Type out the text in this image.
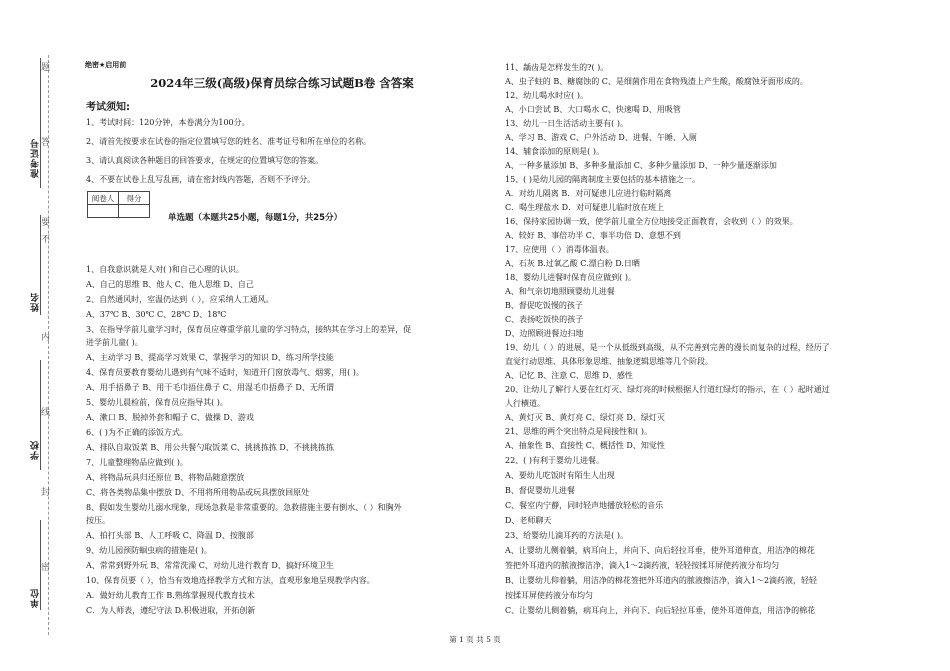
准考证号
姓名
学校
单位
题
答
要
不
内
线
封
密
绝密★启用前
2024年三级(高级)保育员综合练习试题B卷 含答案
考试须知:
1、考试时间：120分钟，本卷满分为100分。
2、请首先按要求在试卷的指定位置填写您的姓名、准考证号和所在单位的名称。
3、请认真阅读各种题目的回答要求，在规定的位置填写您的答案。
4、不要在试卷上乱写乱画，请在密封线内答题，否则不予评分。
阅卷人	得分

单选题（本题共25小题，每题1分，共25分）
1、自我意识就是人对( )和自己心理的认识。
A、自己的思维 B、他人 C、他人思维 D、自己
2、自然通风时，室温仍达到（ ），应采纳人工通风。
A、37℃ B、30℃ C、28℃ D、18℃
3、在指导学前儿童学习时，保育员应尊重学前儿童的学习特点，接纳其在学习上的差异，促
进学前儿童( )。
A、主动学习 B、提高学习效果 C、掌握学习的知识 D、练习所学技能
4、保育员要教育婴幼儿遇到有气味不适时，知道开门窗放毒气、烟雾，用( )。
A、用手捂鼻子 B、用干毛巾捂住鼻子 C、用湿毛巾捂鼻子 D、无所谓
5、婴幼儿晨检前，保育员应指导其( )。
A、漱口 B、脱掉外套和帽子 C、做操 D、游戏
6、( )为不正确的添饭方式。
A、排队自取饭菜 B、用公共餐勺取饭菜 C、挑挑拣拣 D、不挑挑拣拣
7、儿童整理物品应做到( )。
A、将物品玩具归还原位 B、将物品随意摆放
C、将各类物品集中摆放 D、不用将所用物品或玩具摆放回原处
8、假如发生婴幼儿溺水现象，现场急救是非常重要的。急救措施主要有倒水、（ ）和胸外
按压。
A、拍打头部 B、人工呼吸 C、降温 D、按腹部
9、幼儿园预防蛔虫病的措施是( )。
A、常常到野外玩 B、常常洗澡 C、对幼儿进行教育 D、搞好环境卫生
10、保育员要（ ），恰当有效地选择教学方式和方法，直观形象地呈现教学内容。
A．做好幼儿教育工作 B.熟练掌握现代教育技术
C．为人师表，遵纪守法 D.积极进取，开拓创新
11、龋齿是怎样发生的?( )。
A、虫子蛀的 B、糖腐蚀的 C、是细菌作用在食物残渣上产生酸，酸腐蚀牙面形成的。
12、幼儿喝水时应( )。
A、小口尝试 B、大口喝水 C、快速喝 D、用吸管
13、幼儿一日生活活动主要有( )。
A、学习 B、游戏 C、户外活动 D、进餐、午睡、入厕
14、辅食添加的原则是( )。
A、一种多量添加 B、多种多量添加 C、多种少量添加 D、一种少量逐渐添加
15、( )是幼儿园的隔离制度主要包括的基本措施之一。
A．对幼儿隔离 B．对可疑患儿应进行临时隔离
C．喝生理盐水 D．对可疑患儿临时放在班上
16、保持家园协调一致，使学前儿童全方位地接受正面教育，会收到（ ）的效果。
A、较好 B、事倍功半 C、事半功倍 D、意想不到
17、应使用（ ）消毒体温表。
A、石灰 B.过氧乙酸 C.漂白粉 D.日晒
18、婴幼儿进餐时保育员应做到( )。
A、和气亲切地照顾婴幼儿进餐
B、督促吃饭慢的孩子
C、表扬吃饭快的孩子
D、边照顾进餐边扫地
19、幼儿（ ）的进展，是一个从低级到高级，从不完善到完善的漫长而复杂的过程，经历了
直觉行动思维、具体形象思维、抽象逻辑思维等几个阶段。
A、记忆 B、注意 C、思维 D、感性
20、让幼儿了解行人要在红灯灭、绿灯亮的时候根据人行道红绿灯的指示，在（ ）起时通过
人行横道。
A、黄灯灭 B、黄灯亮 C、绿灯亮 D、绿灯灭
21、思维的两个突出特点是间接性和( )。
A、抽象性 B、直接性 C、概括性 D、知觉性
22、( )有利于婴幼儿进餐。
A、要幼儿吃饭时有陌生人出现
B、督促婴幼儿进餐
C、餐室内宁静，同时轻声地播放轻松的音乐
D、老师聊天
23、给婴幼儿滴耳药的方法是( )。
A、让婴幼儿侧着躺，病耳向上，并向下、向后轻拉耳垂，使外耳道伸直，用洁净的棉花
签把外耳道内的脓液擦洁净，滴入1～2滴药液，轻轻按揉耳屏使药液分布均匀
B、让婴幼儿仰着躺，用洁净的棉花签把外耳道内的脓液擦洁净，滴入1～2滴药液，轻轻
按揉耳屏使药液分布均匀
C、让婴幼儿侧着躺，病耳向上，并向下、向后轻拉耳垂，使外耳道伸直，用洁净的棉花
第 1 页 共 5 页
